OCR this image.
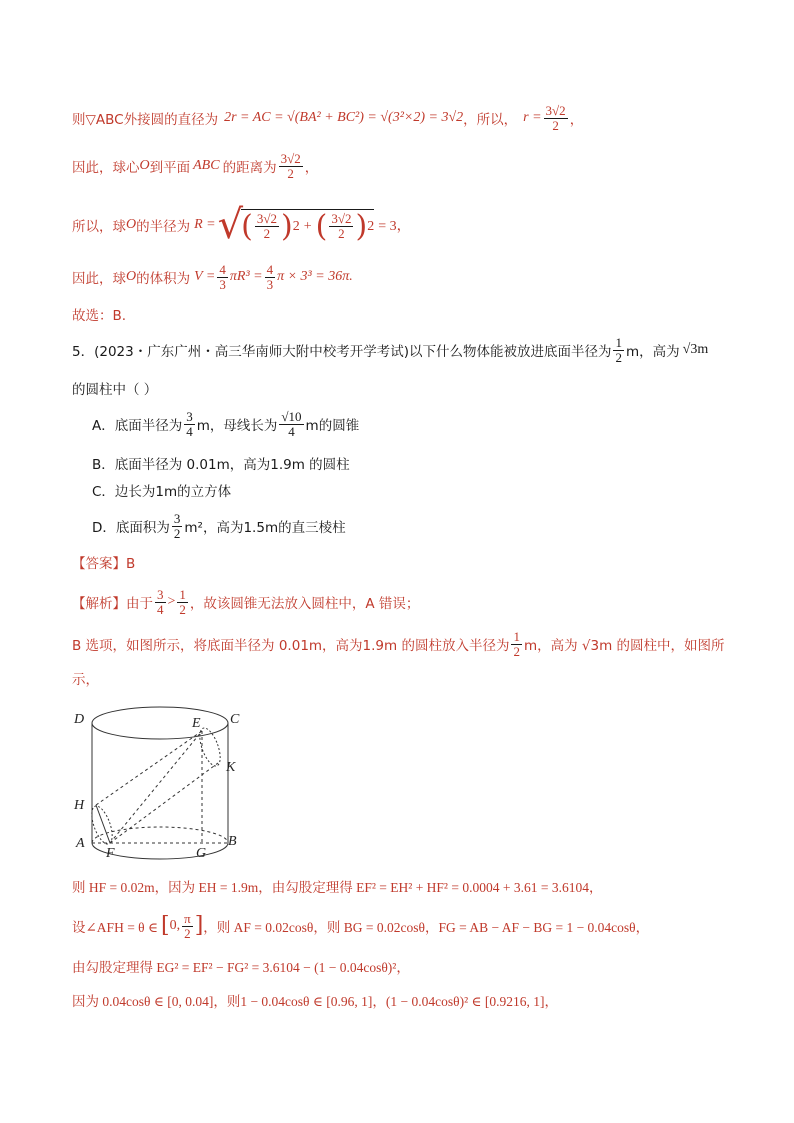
则▽ABC外接圆的直径为 2r = AC = √(BA² + BC²) = √(3²×2) = 3√2 ，所以， $r = \frac{3√2}{2}$ ，
因此，球心 O 到平面 ABC 的距离为 $\frac{3√2}{2}$ ，
所以，球 O 的半径为 R = √
( $\frac{3√2}{2}$ ) 2 + ( $\frac{3√2}{2}$ ) 2 = 3，
因此，球 O 的体积为 $V = \frac{4}{3} \pi R^3 = \frac{4}{3}$ π × 3³ = 36π.
故选：B.
5．(2023・广东广州・高三华南师大附中校考开学考试)以下什么物体能被放进底面半径为 $\frac{1}{2}$ m，高为 √3m
的圆柱中（ ）
A．底面半径为 $\frac{3}{4}$ m，母线长为 $\frac{√10}{4}$ m的圆锥
B．底面半径为 0.01m，高为1.9m 的圆柱
C．边长为1m的立方体
D．底面积为 $\frac{3}{2} m^2$，高为1.5m的直三棱柱
【答案】B
【解析】 由于 $\frac{3}{4} > \frac{1}{2}$ ，故该圆锥无法放入圆柱中，A 错误；
B 选项，如图所示，将底面半径为 0.01m，高为1.9m 的圆柱放入半径为 $\frac{1}{2}$ m，高为 √3m 的圆柱中，如图所
示，
D	C
E
K
H
A
F	G
B
则 HF = 0.02m，因为 EH = 1.9m，由勾股定理得 EF² = EH² + HF² = 0.0004 + 3.61 = 3.6104，
设∠AFH = θ ∈ [ 0, $\frac{\pi}{2}$ ] ，则 AF = 0.02cosθ，则 BG = 0.02cosθ，FG = AB − AF − BG = 1 − 0.04cosθ，
由勾股定理得 EG² = EF² − FG² = 3.6104 − (1 − 0.04cosθ)²，
因为 0.04cosθ ∈ [0, 0.04]，则1 − 0.04cosθ ∈ [0.96, 1]，(1 − 0.04cosθ)² ∈ [0.9216, 1]，
